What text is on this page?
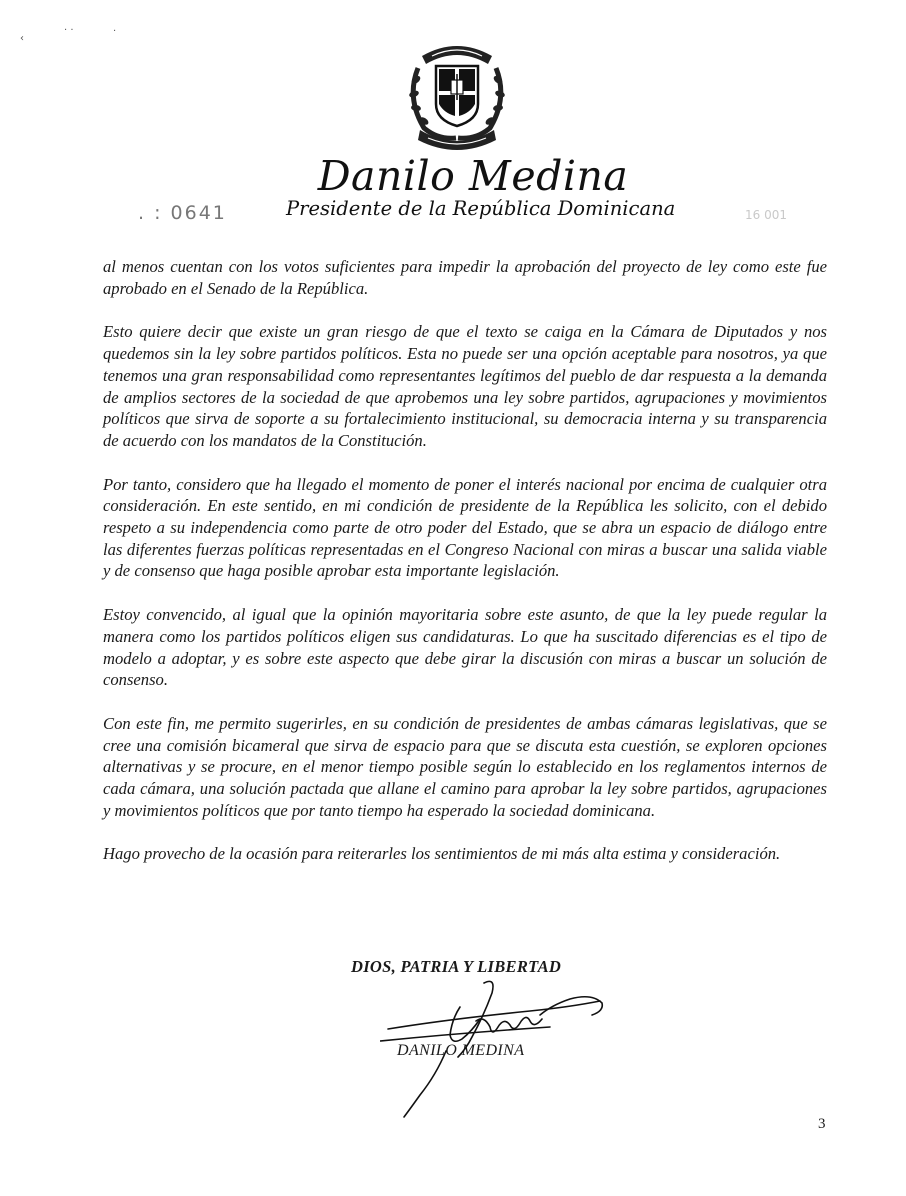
‹
· ·	·
. : 0641
Danilo Medina
Presidente de la República Dominicana	16 001

al menos cuentan con los votos suficientes para impedir la aprobación del proyecto de ley como este fue aprobado en el Senado de la República.

Esto quiere decir que existe un gran riesgo de que el texto se caiga en la Cámara de Diputados y nos quedemos sin la ley sobre partidos políticos. Esta no puede ser una opción aceptable para nosotros, ya que tenemos una gran responsabilidad como representantes legítimos del pueblo de dar respuesta a la demanda de amplios sectores de la sociedad de que aprobemos una ley sobre partidos, agrupaciones y movimientos políticos que sirva de soporte a su fortalecimiento institucional, su democracia interna y su transparencia de acuerdo con los mandatos de la Constitución.

Por tanto, considero que ha llegado el momento de poner el interés nacional por encima de cualquier otra consideración. En este sentido, en mi condición de presidente de la República les solicito, con el debido respeto a su independencia como parte de otro poder del Estado, que se abra un espacio de diálogo entre las diferentes fuerzas políticas representadas en el Congreso Nacional con miras a buscar una salida viable y de consenso que haga posible aprobar esta importante legislación.

Estoy convencido, al igual que la opinión mayoritaria sobre este asunto, de que la ley puede regular la manera como los partidos políticos eligen sus candidaturas. Lo que ha suscitado diferencias es el tipo de modelo a adoptar, y es sobre este aspecto que debe girar la discusión con miras a buscar un solución de consenso.

Con este fin, me permito sugerirles, en su condición de presidentes de ambas cámaras legislativas, que se cree una comisión bicameral que sirva de espacio para que se discuta esta cuestión, se exploren opciones alternativas y se procure, en el menor tiempo posible según lo establecido en los reglamentos internos de cada cámara, una solución pactada que allane el camino para aprobar la ley sobre partidos, agrupaciones y movimientos políticos que por tanto tiempo ha esperado la sociedad dominicana.

Hago provecho de la ocasión para reiterarles los sentimientos de mi más alta estima y consideración.

DIOS, PATRIA Y LIBERTAD
DANILO MEDINA
3
